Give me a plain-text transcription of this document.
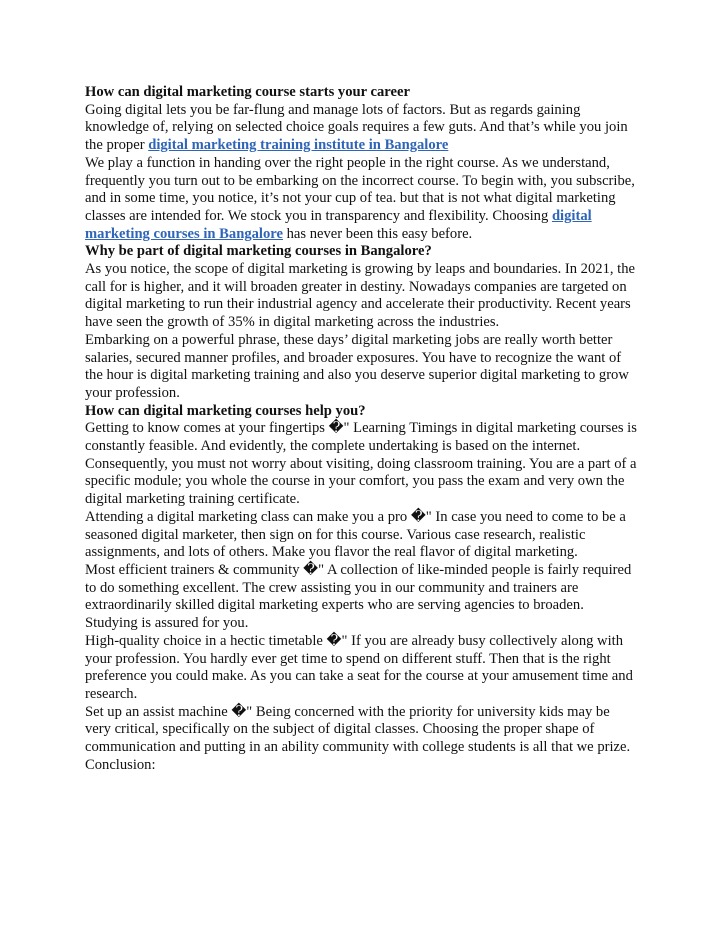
How can digital marketing course starts your career

Going digital lets you be far-flung and manage lots of factors. But as regards gaining knowledge of, relying on selected choice goals requires a few guts. And that’s while you join the proper digital marketing training institute in Bangalore

We play a function in handing over the right people in the right course. As we understand, frequently you turn out to be embarking on the incorrect course. To begin with, you subscribe, and in some time, you notice, it’s not your cup of tea. but that is not what digital marketing classes are intended for. We stock you in transparency and flexibility. Choosing digital marketing courses in Bangalore has never been this easy before.

Why be part of digital marketing courses in Bangalore?

As you notice, the scope of digital marketing is growing by leaps and boundaries. In 2021, the call for is higher, and it will broaden greater in destiny. Nowadays companies are targeted on digital marketing to run their industrial agency and accelerate their productivity. Recent years have seen the growth of 35% in digital marketing across the industries.

Embarking on a powerful phrase, these days’ digital marketing jobs are really worth better salaries, secured manner profiles, and broader exposures. You have to recognize the want of the hour is digital marketing training and also you deserve superior digital marketing to grow your profession.

How can digital marketing courses help you?

Getting to know comes at your fingertips �" Learning Timings in digital marketing courses is constantly feasible. And evidently, the complete undertaking is based on the internet. Consequently, you must not worry about visiting, doing classroom training. You are a part of a specific module; you whole the course in your comfort, you pass the exam and very own the digital marketing training certificate.

Attending a digital marketing class can make you a pro �" In case you need to come to be a seasoned digital marketer, then sign on for this course. Various case research, realistic assignments, and lots of others. Make you flavor the real flavor of digital marketing.

Most efficient trainers & community �" A collection of like-minded people is fairly required to do something excellent. The crew assisting you in our community and trainers are extraordinarily skilled digital marketing experts who are serving agencies to broaden. Studying is assured for you.

High-quality choice in a hectic timetable �" If you are already busy collectively along with your profession. You hardly ever get time to spend on different stuff. Then that is the right preference you could make. As you can take a seat for the course at your amusement time and research.

Set up an assist machine �" Being concerned with the priority for university kids may be very critical, specifically on the subject of digital classes. Choosing the proper shape of communication and putting in an ability community with college students is all that we prize.

Conclusion:
